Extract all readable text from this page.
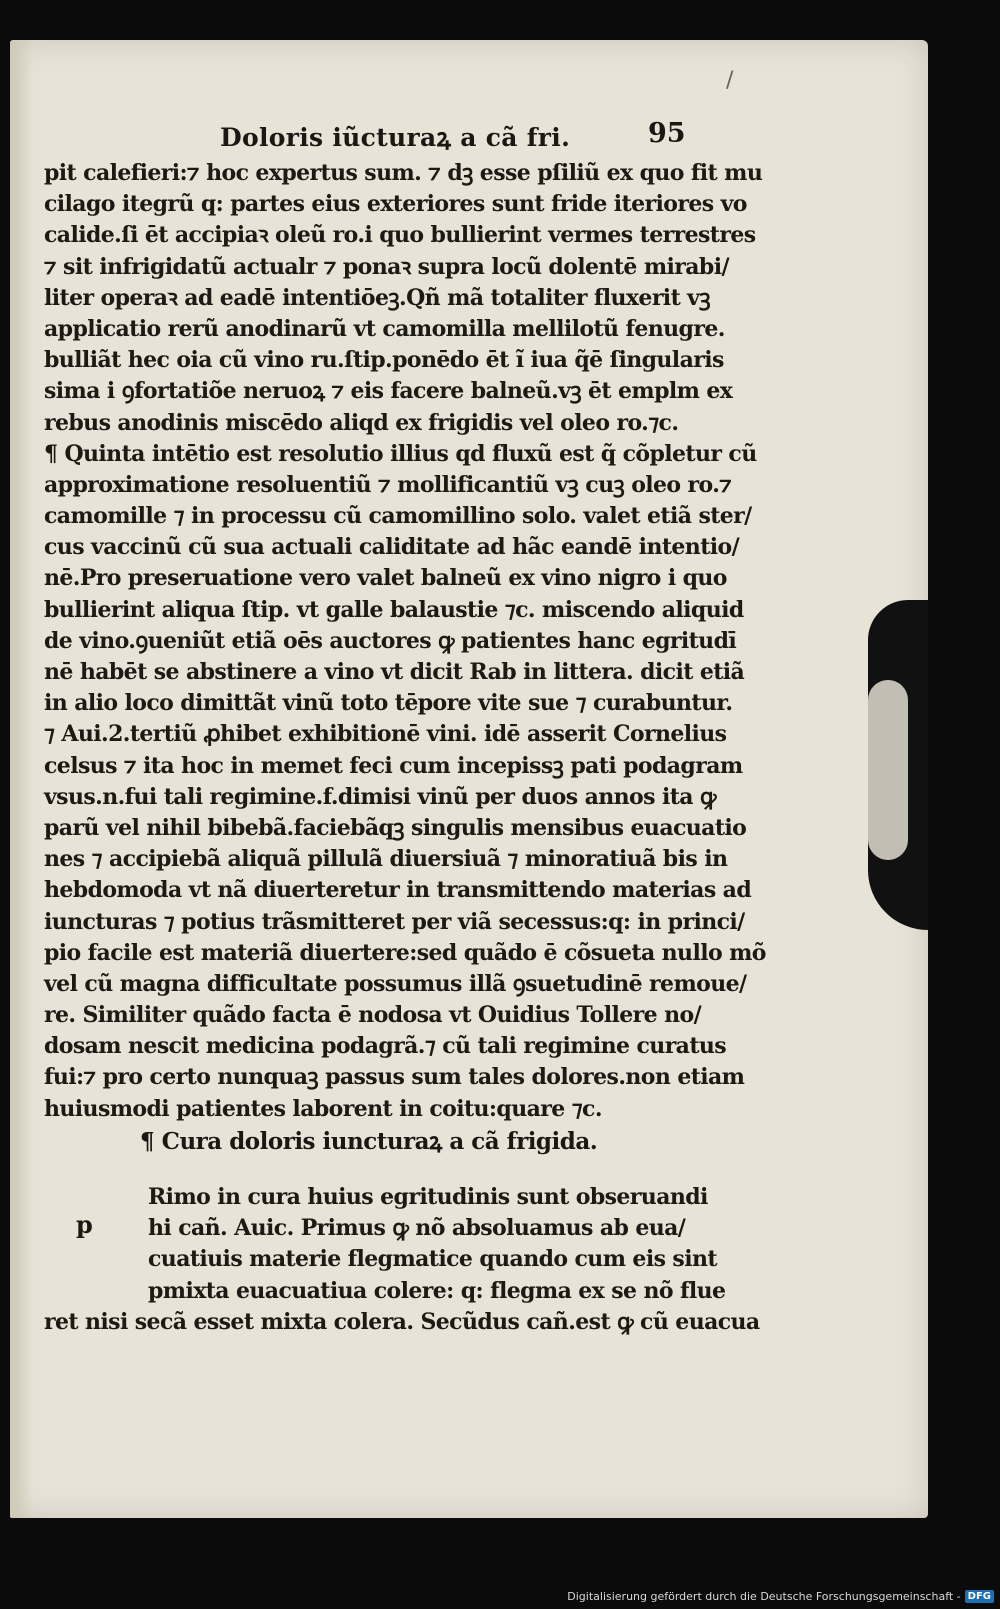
/
Doloris iũcturaꝝ a cã fri.	95
pit calefieri:⁊ hoc expertus sum. ⁊ dꝫ esse pſiliũ ex quo fit mu
cilago itegrũ q: partes eius exteriores sunt fride iteriores vo
calide.ſi ēt accipiaꝛ oleũ ro.i quo bullierint vermes terrestres
⁊ sit infrigidatũ actualr ⁊ ponaꝛ supra locũ dolentē mirabi/
liter operaꝛ ad eadē intentiōeꝫ.Qñ mã totaliter fluxerit vꝫ
applicatio rerũ anodinarũ vt camomilla mellilotũ fenugre.
bulliãt hec oia cũ vino ru.ſtip.ponēdo ēt ĩ iua q̃ē ſingularis
sima i ꝯfortatiõe neruoꝝ ⁊ eis facere balneũ.vꝫ ēt emplm ex
rebus anodinis miscēdo aliqd ex frigidis vel oleo ro.⁊c.
¶ Quinta intētio est resolutio illius qd fluxũ est q̃ cõpletur cũ
approximatione resoluentiũ ⁊ mollificantiũ vꝫ cuꝫ oleo ro.⁊
camomille ⁊ in processu cũ camomillino solo. valet etiã ster/
cus vaccinũ cũ sua actuali caliditate ad hãc eandē intentio/
nē.Pro preseruatione vero valet balneũ ex vino nigro i quo
bullierint aliqua ſtip. vt galle balaustie ⁊c. miscendo aliquid
de vino.ꝯueniũt etiã oēs auctores ꝙ patientes hanc egritudī
nē habēt se abstinere a vino vt dicit Rab in littera. dicit etiã
in alio loco dimittãt vinũ toto tēpore vite sue ⁊ curabuntur.
⁊ Aui.2.tertiũ ꝓhibet exhibitionē vini. idē asserit Cornelius
celsus ⁊ ita hoc in memet feci cum incepissꝫ pati podagram
vsus.n.fui tali regimine.f.dimisi vinũ per duos annos ita ꝙ
parũ vel nihil bibebã.faciebãqꝫ singulis mensibus euacuatio
nes ⁊ accipiebã aliquã pillulã diuersiuã ⁊ minoratiuã bis in
hebdomoda vt nã diuerteretur in transmittendo materias ad
iuncturas ⁊ potius trãsmitteret per viã secessus:q: in princi/
pio facile est materiã diuertere:sed quãdo ē cõsueta nullo mõ
vel cũ magna difficultate possumus illã ꝯsuetudinē remoue/
re. Similiter quãdo facta ē nodosa vt Ouidius Tollere no/
dosam nescit medicina podagrã.⁊ cũ tali regimine curatus
fui:⁊ pro certo nunquaꝫ passus sum tales dolores.non etiam
huiusmodi patientes laborent in coitu:quare ⁊c.
¶ Cura doloris iuncturaꝝ a cã frigida.
p
Rimo in cura huius egritudinis sunt obseruandi
hi cañ. Auic. Primus ꝙ nõ absoluamus ab eua/
cuatiuis materie flegmatice quando cum eis sint
pmixta euacuatiua colere: q: flegma ex se nõ flue
ret nisi secã esset mixta colera. Secũdus cañ.est ꝙ cũ euacua
Digitalisierung gefördert durch die Deutsche Forschungsgemeinschaft - DFG
